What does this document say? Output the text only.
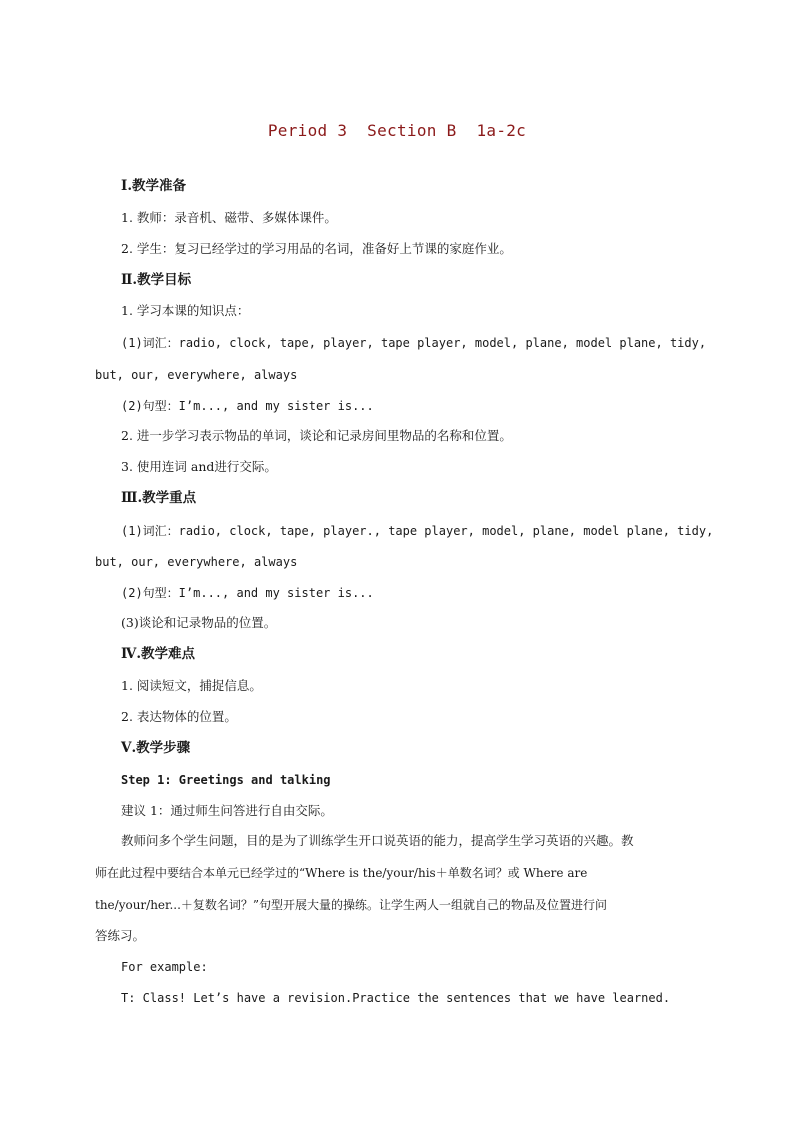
Period 3  Section B  1a-2c
Ⅰ.教学准备
1. 教师：录音机、磁带、多媒体课件。
2. 学生：复习已经学过的学习用品的名词，准备好上节课的家庭作业。
Ⅱ.教学目标
1. 学习本课的知识点：
(1)词汇：radio, clock, tape, player, tape player, model, plane, model plane, tidy,
but, our, everywhere, always
(2)句型：I’m..., and my sister is...
2. 进一步学习表示物品的单词，谈论和记录房间里物品的名称和位置。
3. 使用连词 and进行交际。
Ⅲ.教学重点
(1)词汇：radio, clock, tape, player., tape player, model, plane, model plane, tidy,
but, our, everywhere, always
(2)句型：I’m..., and my sister is...
(3)谈论和记录物品的位置。
Ⅳ.教学难点
1. 阅读短文，捕捉信息。
2. 表达物体的位置。
Ⅴ.教学步骤
Step 1: Greetings and talking
建议 1：通过师生问答进行自由交际。
教师问多个学生问题，目的是为了训练学生开口说英语的能力，提高学生学习英语的兴趣。教
师在此过程中要结合本单元已经学过的“Where is the/your/his＋单数名词？或 Where are
the/your/her...＋复数名词？”句型开展大量的操练。让学生两人一组就自己的物品及位置进行问
答练习。
For example:
T: Class! Let’s have a revision.Practice the sentences that we have learned.
